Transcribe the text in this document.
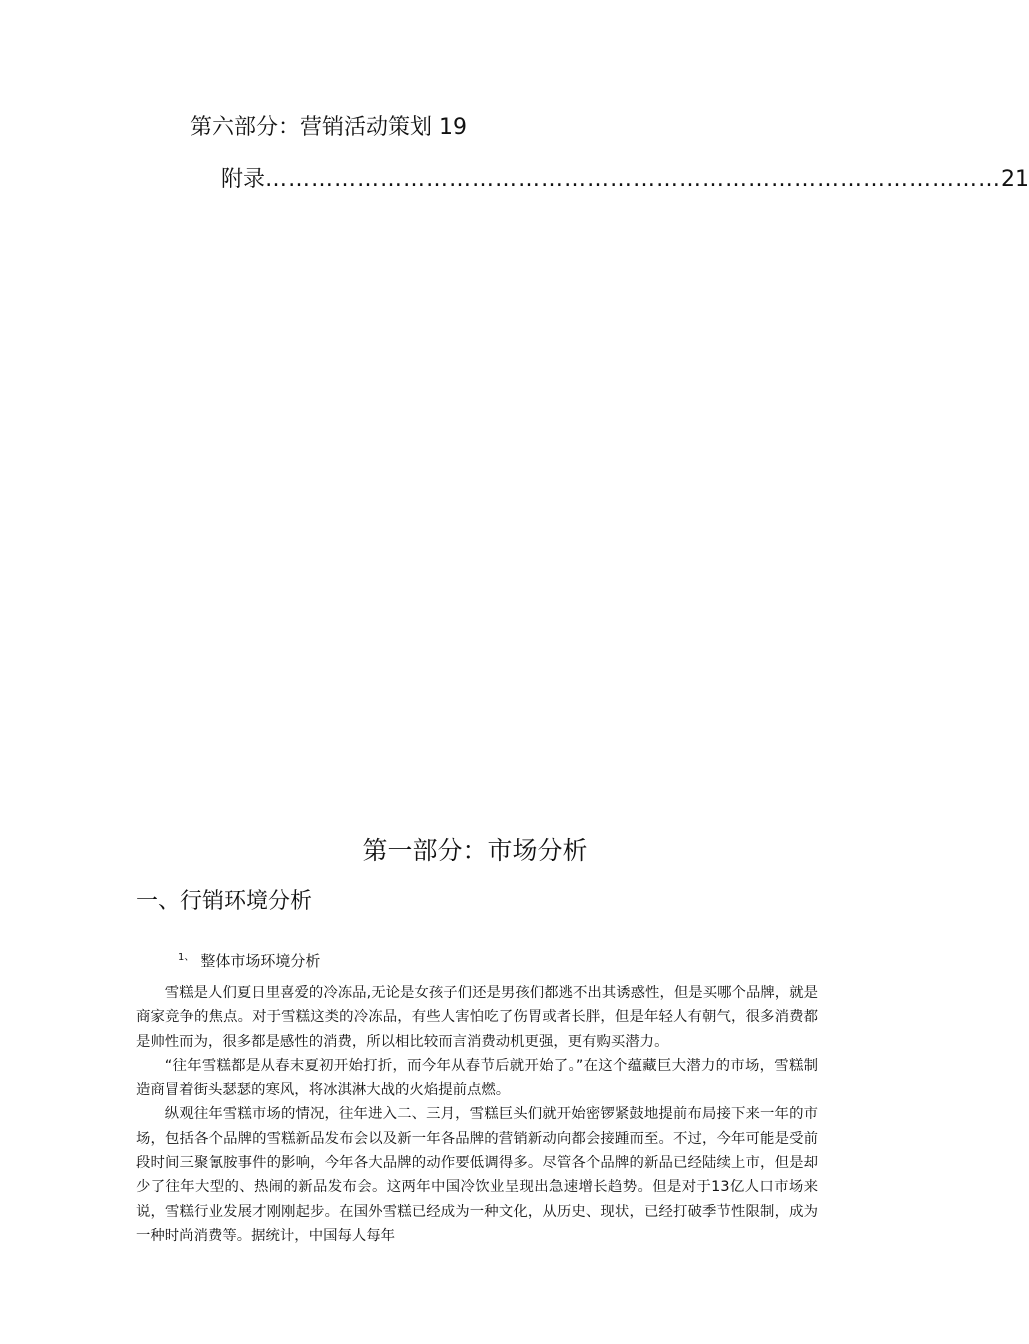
第六部分：营销活动策划 19
附录 …………………………………………………………………………………… 21
第一部分：市场分析
一、行销环境分析
$^{1、}$ 整体市场环境分析

雪糕是人们夏日里喜爱的冷冻品,无论是女孩子们还是男孩们都逃不出其诱惑性，但是买哪个品牌，就是商家竞争的焦点。对于雪糕这类的冷冻品，有些人害怕吃了伤胃或者长胖，但是年轻人有朝气，很多消费都是帅性而为，很多都是感性的消费，所以相比较而言消费动机更强，更有购买潜力。

“往年雪糕都是从春末夏初开始打折，而今年从春节后就开始了。”在这个蕴藏巨大潜力的市场，雪糕制造商冒着街头瑟瑟的寒风，将冰淇淋大战的火焰提前点燃。

纵观往年雪糕市场的情况，往年进入二、三月，雪糕巨头们就开始密锣紧鼓地提前布局接下来一年的市场，包括各个品牌的雪糕新品发布会以及新一年各品牌的营销新动向都会接踵而至。不过，今年可能是受前段时间三聚氰胺事件的影响，今年各大品牌的动作要低调得多。尽管各个品牌的新品已经陆续上市，但是却少了往年大型的、热闹的新品发布会。这两年中国冷饮业呈现出急速增长趋势。但是对于13亿人口市场来说，雪糕行业发展才刚刚起步。在国外雪糕已经成为一种文化，从历史、现状，已经打破季节性限制，成为一种时尚消费等。据统计，中国每人每年
